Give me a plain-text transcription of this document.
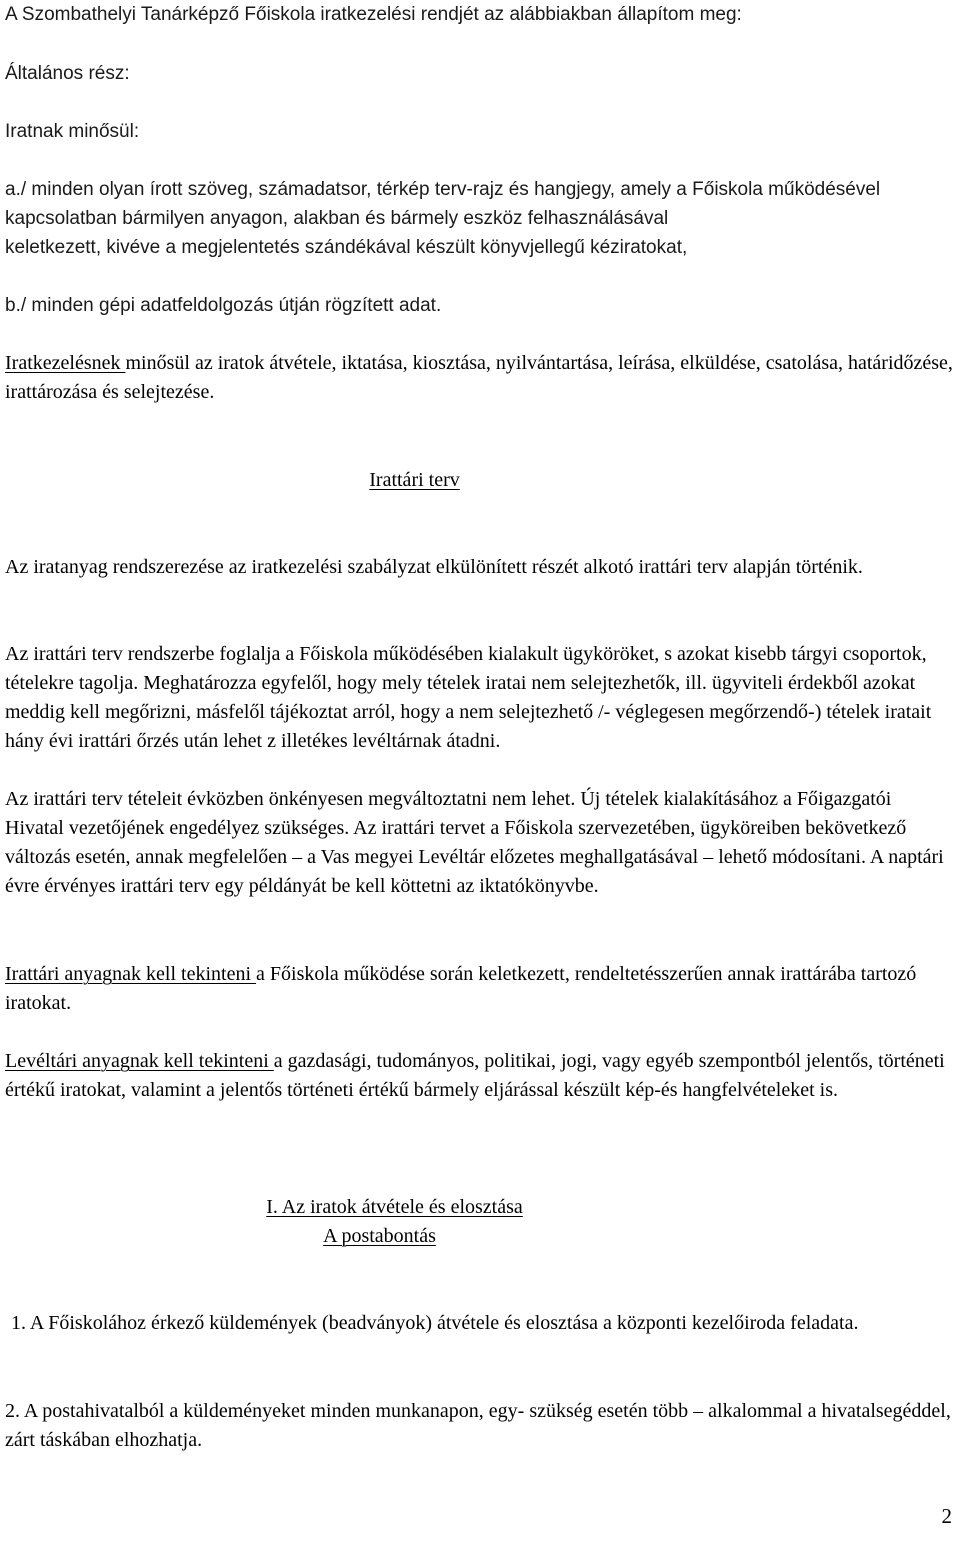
A Szombathelyi Tanárképző Főiskola iratkezelési rendjét az alábbiakban állapítom meg:

Általános rész:

Iratnak minősül:

a./ minden olyan írott szöveg, számadatsor, térkép terv-rajz és hangjegy, amely a Főiskola működésével kapcsolatban bármilyen anyagon, alakban és bármely eszköz felhasználásával

keletkezett, kivéve a megjelentetés szándékával készült könyvjellegű kéziratokat,

b./ minden gépi adatfeldolgozás útján rögzített adat.

Iratkezelésnek minősül az iratok átvétele, iktatása, kiosztása, nyilvántartása, leírása, elküldése, csatolása, határidőzése, irattározása és selejtezése.

Irattári terv

Az iratanyag rendszerezése az iratkezelési szabályzat elkülönített részét alkotó irattári terv alapján történik.

Az irattári terv rendszerbe foglalja a Főiskola működésében kialakult ügyköröket, s azokat kisebb tárgyi csoportok, tételekre tagolja. Meghatározza egyfelől, hogy mely tételek iratai nem selejtezhetők, ill. ügyviteli érdekből azokat meddig kell megőrizni, másfelől tájékoztat arról, hogy a nem selejtezhető /- véglegesen megőrzendő-) tételek iratait hány évi irattári őrzés után lehet z illetékes levéltárnak átadni.

Az irattári terv tételeit évközben önkényesen megváltoztatni nem lehet. Új tételek kialakításához a Főigazgatói Hivatal vezetőjének engedélyez szükséges. Az irattári tervet a Főiskola szervezetében, ügyköreiben bekövetkező változás esetén, annak megfelelően – a Vas megyei Levéltár előzetes meghallgatásával – lehető módosítani. A naptári évre érvényes irattári terv egy példányát be kell köttetni az iktatókönyvbe.

Irattári anyagnak kell tekinteni a Főiskola működése során keletkezett, rendeltetésszerűen annak irattárába tartozó iratokat.

Levéltári anyagnak kell tekinteni a gazdasági, tudományos, politikai, jogi, vagy egyéb szempontból jelentős, történeti értékű iratokat, valamint a jelentős történeti értékű bármely eljárással készült kép-és hangfelvételeket is.

I. Az iratok átvétele és elosztása

A postabontás

1. A Főiskolához érkező küldemények (beadványok) átvétele és elosztása a központi kezelőiroda feladata.

2. A postahivatalból a küldeményeket minden munkanapon, egy- szükség esetén több – alkalommal a hivatalsegéddel, zárt táskában elhozhatja.

2
